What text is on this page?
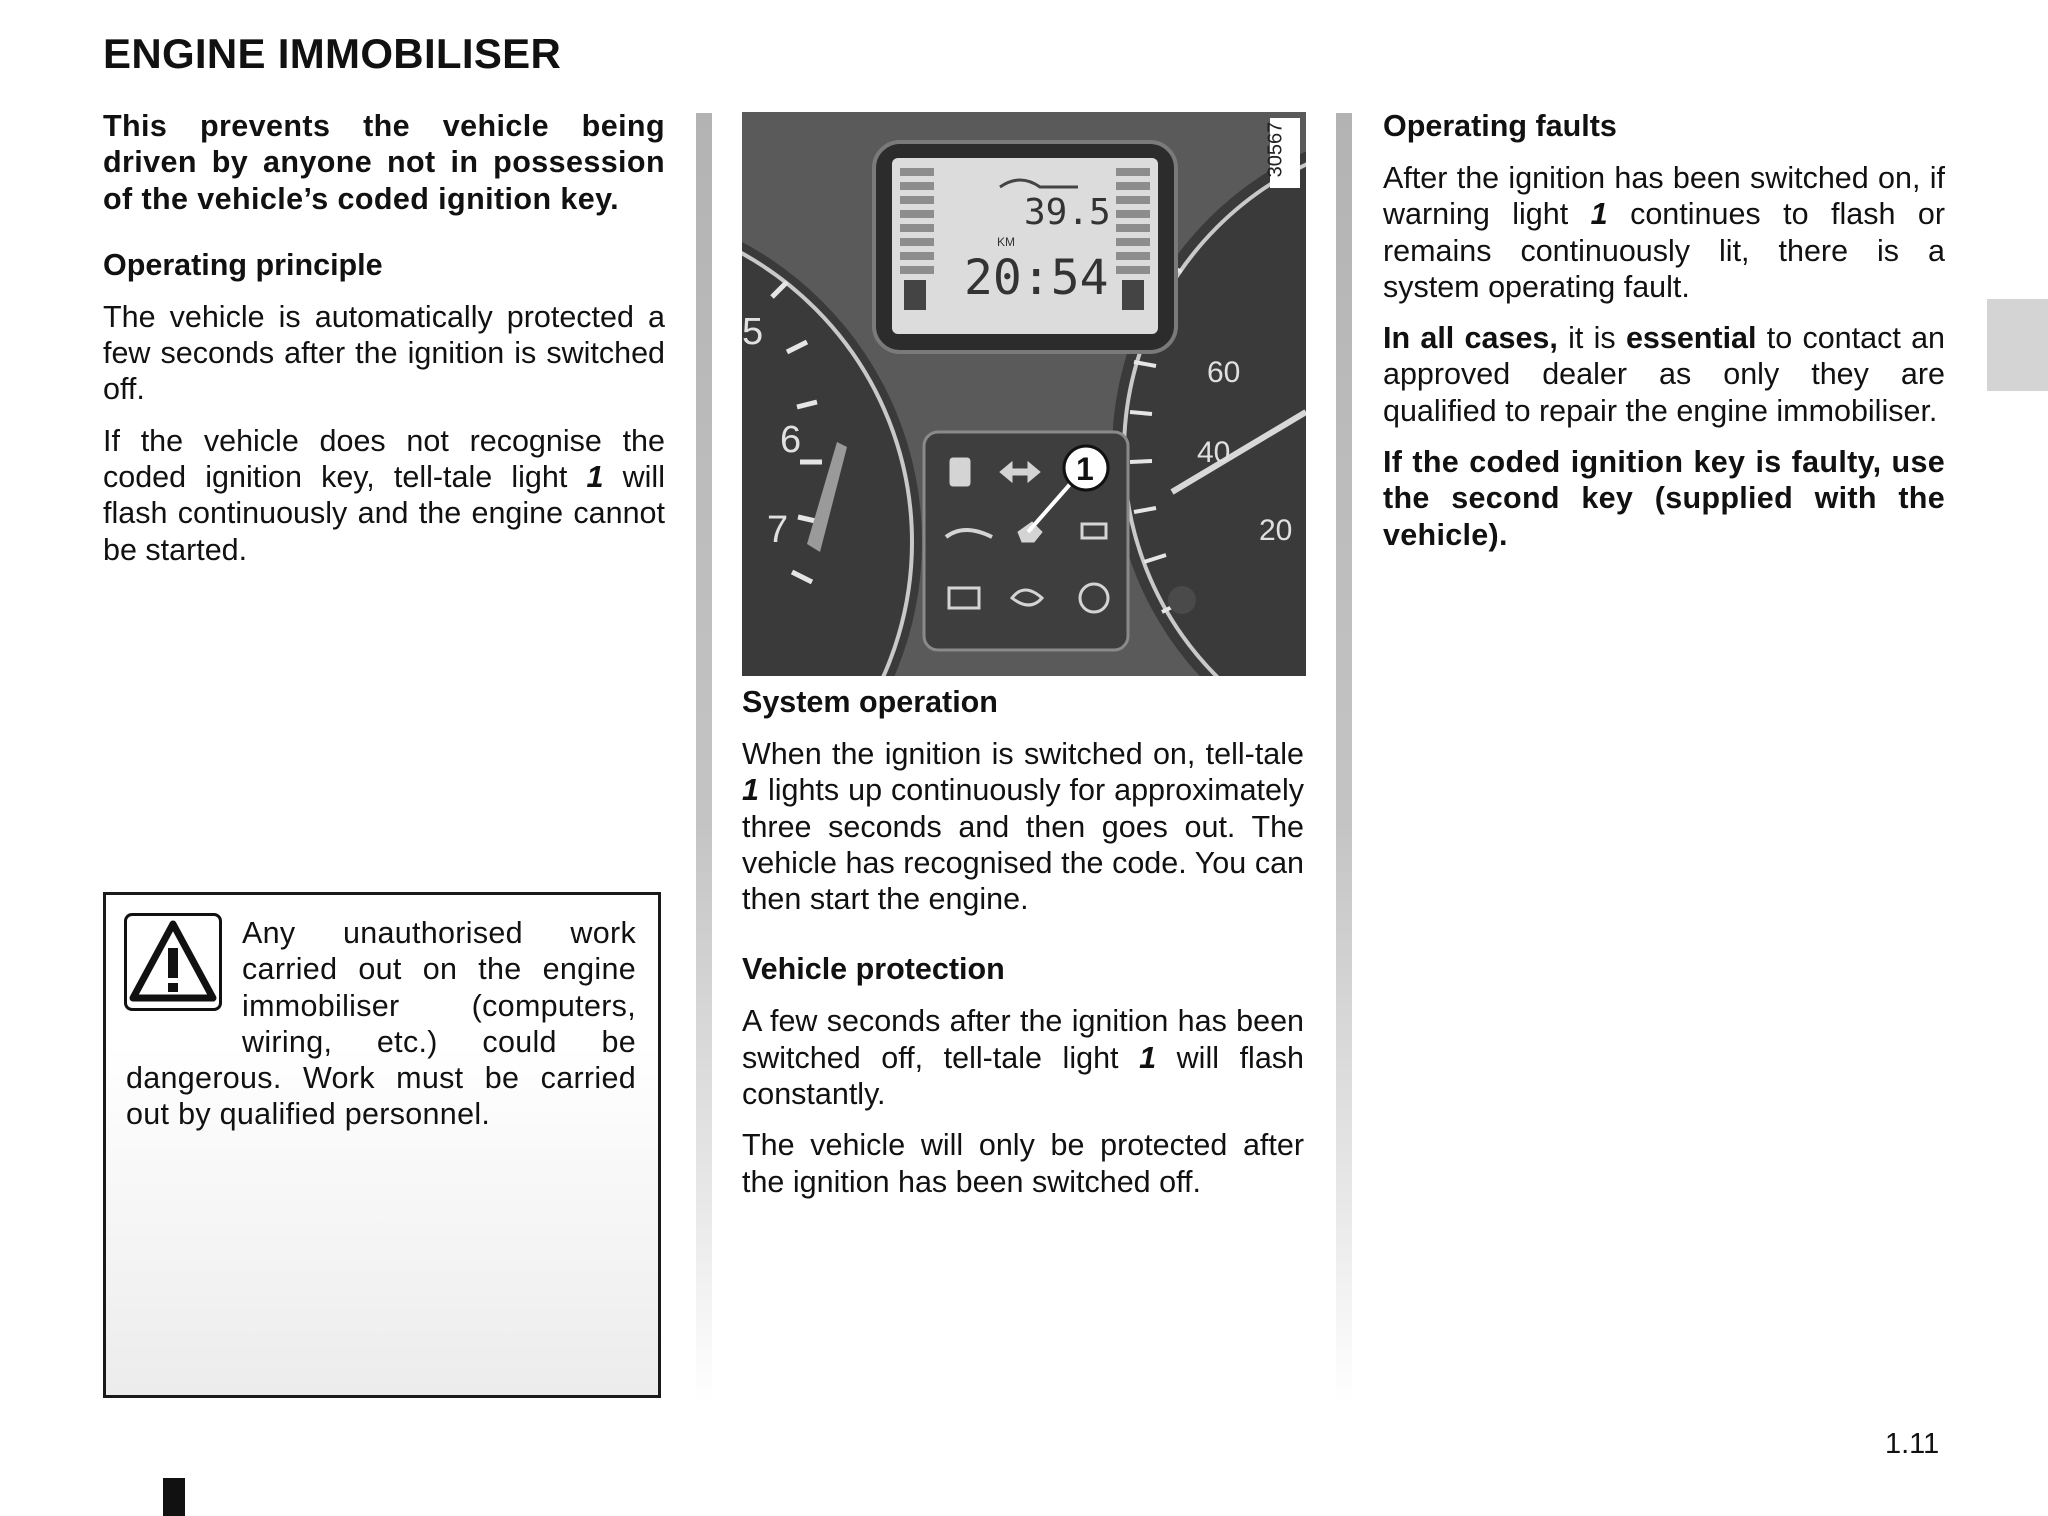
ENGINE IMMOBILISER

This prevents the vehicle being driven by anyone not in possession of the vehicle’s coded ignition key.

Operating principle

The vehicle is automatically protected a few seconds after the ignition is switched off.

If the vehicle does not recognise the coded ignition key, tell-tale light 1 will flash continuously and the engine cannot be started.

Any unauthorised work carried out on the engine immobiliser (computers, wiring, etc.) could be dangerous. Work must be carried out by qualified personnel.

5
6
7
60
40
20
39.5
KM
20:54
1
30567
System operation

When the ignition is switched on, tell-tale 1 lights up continuously for approximately three seconds and then goes out. The vehicle has recognised the code. You can then start the engine.

Vehicle protection

A few seconds after the ignition has been switched off, tell-tale light 1 will flash constantly.

The vehicle will only be protected after the ignition has been switched off.

Operating faults

After the ignition has been switched on, if warning light 1 continues to flash or remains continuously lit, there is a system operating fault.

In all cases, it is essential to contact an approved dealer as only they are qualified to repair the engine immobiliser.

If the coded ignition key is faulty, use the second key (supplied with the vehicle).

1.11
